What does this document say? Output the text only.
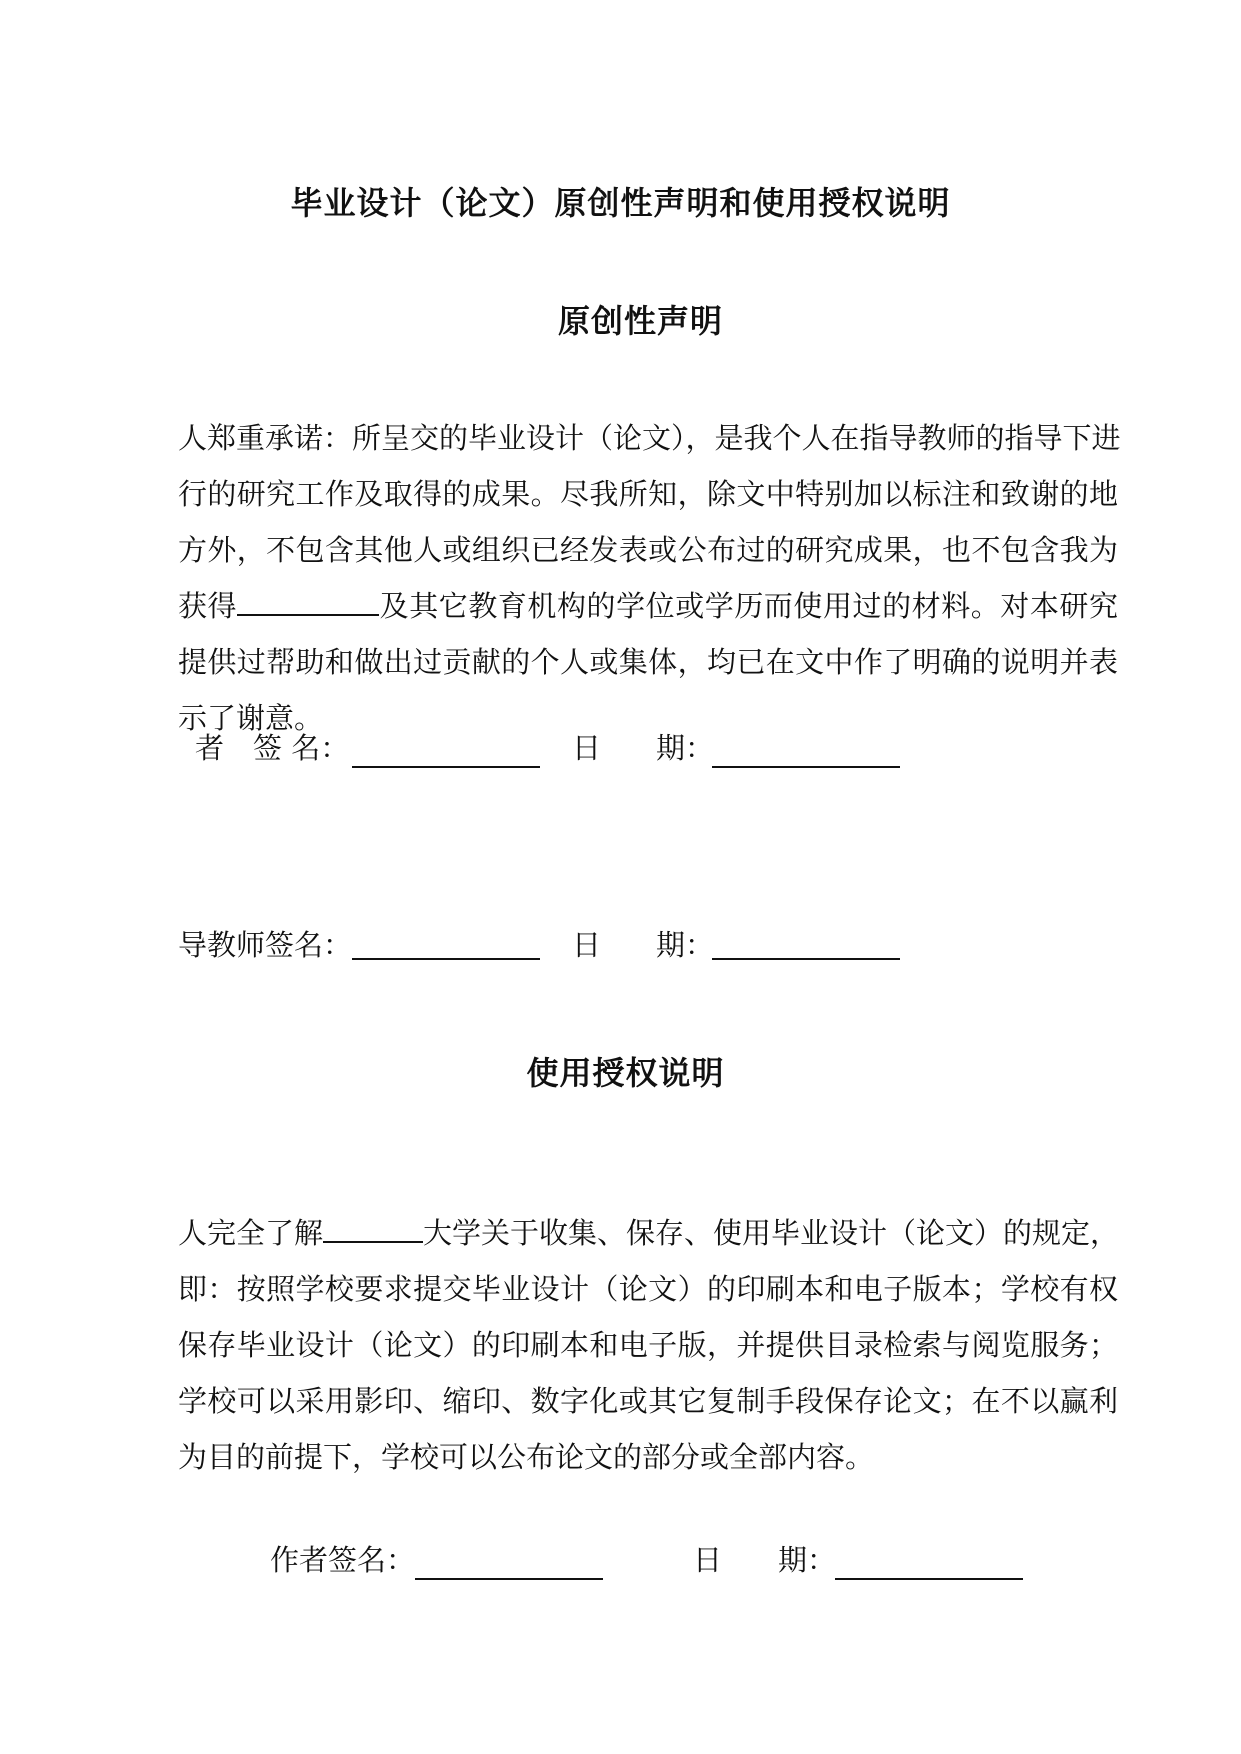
毕业设计（论文）原创性声明和使用授权说明
原创性声明
人郑重承诺：所呈交的毕业设计（论文），是我个人在指导教师的指导下进
行的研究工作及取得的成果。尽我所知，除文中特别加以标注和致谢的地
方外，不包含其他人或组织已经发表或公布过的研究成果，也不包含我为
获得	及其它教育机构的学位或学历而使用过的材料。对本研究
提供过帮助和做出过贡献的个人或集体，均已在文中作了明确的说明并表
示了谢意。
者　签 名：	日 期：
导教师签名：	日 期：
使用授权说明
人完全了解	大学关于收集、保存、使用毕业设计（论文）的规定，
即：按照学校要求提交毕业设计（论文）的印刷本和电子版本；学校有权
保存毕业设计（论文）的印刷本和电子版，并提供目录检索与阅览服务；
学校可以采用影印、缩印、数字化或其它复制手段保存论文；在不以赢利
为目的前提下，学校可以公布论文的部分或全部内容。
作者签名：	日 期：
